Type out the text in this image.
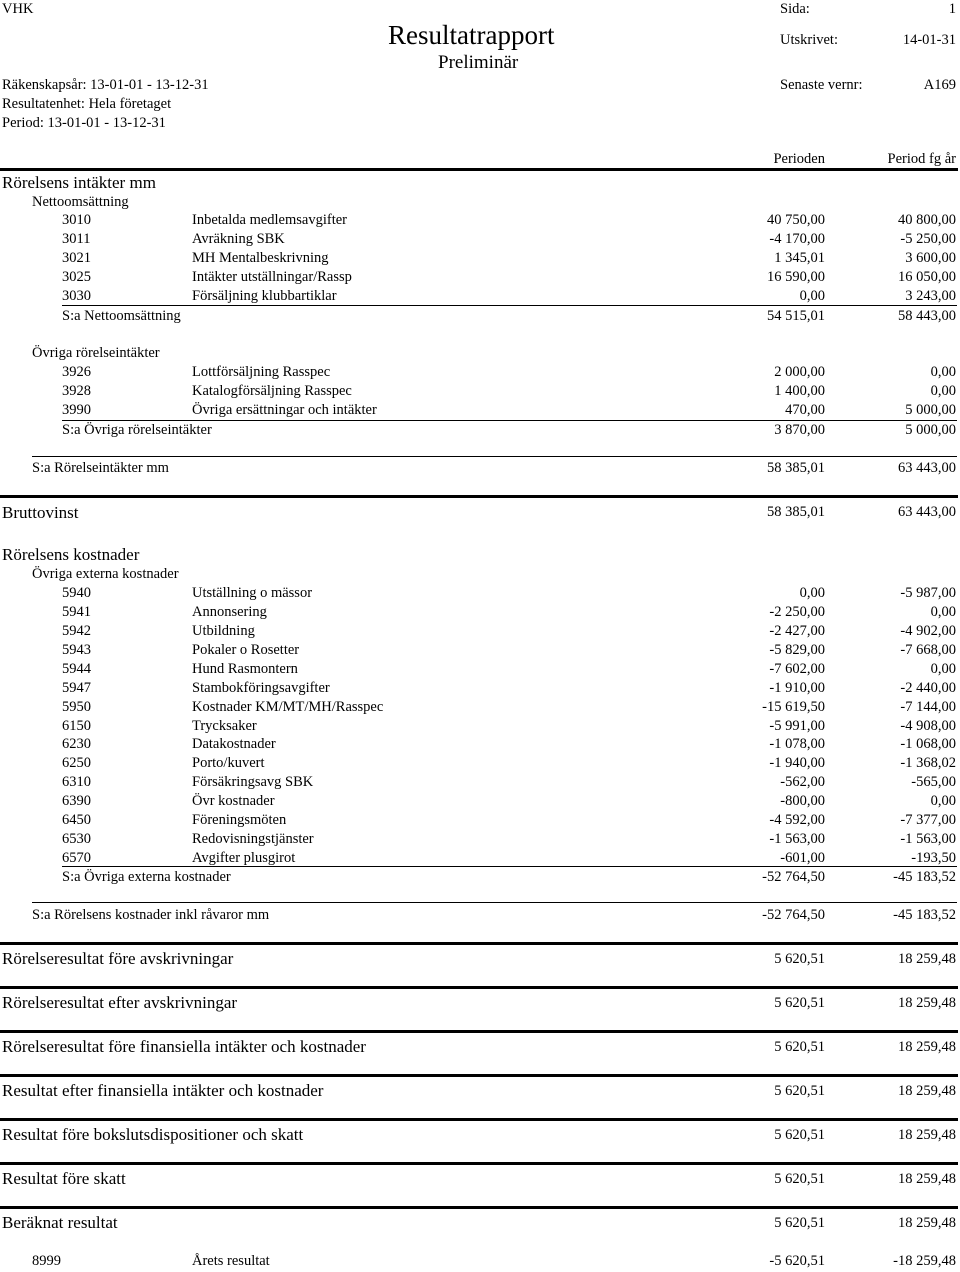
VHK
Resultatrapport
Preliminär
Sida:	1
Utskrivet:	14-01-31
Räkenskapsår: 13-01-01 - 13-12-31	Senaste vernr:	A169
Resultatenhet: Hela företaget
Period: 13-01-01 - 13-12-31
Perioden	Period fg år
Rörelsens intäkter mm
Nettoomsättning
3010	Inbetalda medlemsavgifter	40 750,00	40 800,00
3011	Avräkning SBK	-4 170,00	-5 250,00
3021	MH Mentalbeskrivning	1 345,01	3 600,00
3025	Intäkter utställningar/Rassp	16 590,00	16 050,00
3030	Försäljning klubbartiklar	0,00	3 243,00
S:a Nettoomsättning	54 515,01	58 443,00
Övriga rörelseintäkter
3926	Lottförsäljning Rasspec	2 000,00	0,00
3928	Katalogförsäljning Rasspec	1 400,00	0,00
3990	Övriga ersättningar och intäkter	470,00	5 000,00
S:a Övriga rörelseintäkter	3 870,00	5 000,00
S:a Rörelseintäkter mm	58 385,01	63 443,00
Bruttovinst	58 385,01	63 443,00
Rörelsens kostnader
Övriga externa kostnader
5940	Utställning o mässor	0,00	-5 987,00
5941	Annonsering	-2 250,00	0,00
5942	Utbildning	-2 427,00	-4 902,00
5943	Pokaler o Rosetter	-5 829,00	-7 668,00
5944	Hund Rasmontern	-7 602,00	0,00
5947	Stambokföringsavgifter	-1 910,00	-2 440,00
5950	Kostnader KM/MT/MH/Rasspec	-15 619,50	-7 144,00
6150	Trycksaker	-5 991,00	-4 908,00
6230	Datakostnader	-1 078,00	-1 068,00
6250	Porto/kuvert	-1 940,00	-1 368,02
6310	Försäkringsavg SBK	-562,00	-565,00
6390	Övr kostnader	-800,00	0,00
6450	Föreningsmöten	-4 592,00	-7 377,00
6530	Redovisningstjänster	-1 563,00	-1 563,00
6570	Avgifter plusgirot	-601,00	-193,50
S:a Övriga externa kostnader	-52 764,50	-45 183,52
S:a Rörelsens kostnader inkl råvaror mm	-52 764,50	-45 183,52
Rörelseresultat före avskrivningar	5 620,51	18 259,48
Rörelseresultat efter avskrivningar	5 620,51	18 259,48
Rörelseresultat före finansiella intäkter och kostnader	5 620,51	18 259,48
Resultat efter finansiella intäkter och kostnader	5 620,51	18 259,48
Resultat före bokslutsdispositioner och skatt	5 620,51	18 259,48
Resultat före skatt	5 620,51	18 259,48
Beräknat resultat	5 620,51	18 259,48
8999	Årets resultat	-5 620,51	-18 259,48
